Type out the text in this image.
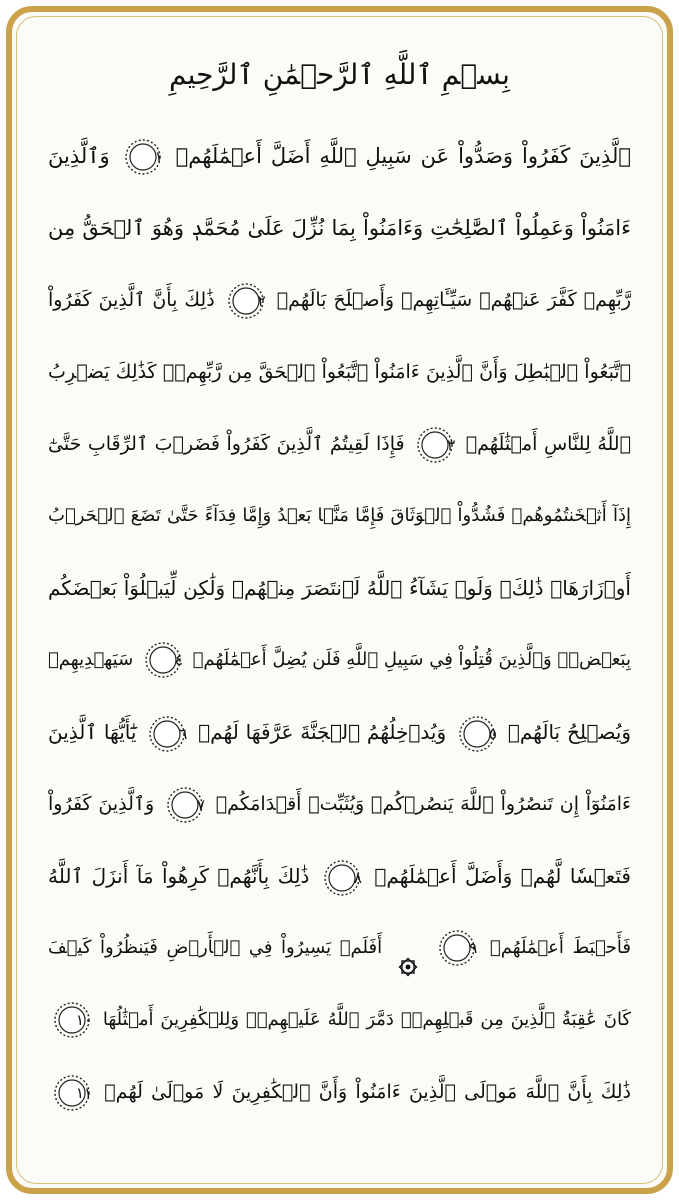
بِسۡمِ ٱللَّهِ ٱلرَّحۡمَٰنِ ٱلرَّحِيمِ
ٱلَّذِينَ كَفَرُواْ وَصَدُّواْ عَن سَبِيلِ ٱللَّهِ أَضَلَّ أَعۡمَٰلَهُمۡ
١
وَٱلَّذِينَ
ءَامَنُواْ وَعَمِلُواْ ٱلصَّٰلِحَٰتِ وَءَامَنُواْ بِمَا نُزِّلَ عَلَىٰ مُحَمَّدٖ وَهُوَ ٱلۡحَقُّ مِن
رَّبِّهِمۡ كَفَّرَ عَنۡهُمۡ سَيِّـَٔاتِهِمۡ وَأَصۡلَحَ بَالَهُمۡ
٢
ذَٰلِكَ بِأَنَّ ٱلَّذِينَ كَفَرُواْ
ٱتَّبَعُواْ ٱلۡبَٰطِلَ وَأَنَّ ٱلَّذِينَ ءَامَنُواْ ٱتَّبَعُواْ ٱلۡحَقَّ مِن رَّبِّهِمۡۚ كَذَٰلِكَ يَضۡرِبُ
ٱللَّهُ لِلنَّاسِ أَمۡثَٰلَهُمۡ
٣
فَإِذَا لَقِيتُمُ ٱلَّذِينَ كَفَرُواْ فَضَرۡبَ ٱلرِّقَابِ حَتَّىٰٓ
إِذَآ أَثۡخَنتُمُوهُمۡ فَشُدُّواْ ٱلۡوَثَاقَ فَإِمَّا مَنَّۢا بَعۡدُ وَإِمَّا فِدَآءً حَتَّىٰ تَضَعَ ٱلۡحَرۡبُ
أَوۡزَارَهَاۚ ذَٰلِكَۖ وَلَوۡ يَشَآءُ ٱللَّهُ لَٱنتَصَرَ مِنۡهُمۡ وَلَٰكِن لِّيَبۡلُوَاْ بَعۡضَكُم
بِبَعۡضٖۗ وَٱلَّذِينَ قُتِلُواْ فِي سَبِيلِ ٱللَّهِ فَلَن يُضِلَّ أَعۡمَٰلَهُمۡ
٤
سَيَهۡدِيهِمۡ
وَيُصۡلِحُ بَالَهُمۡ
٥
وَيُدۡخِلُهُمُ ٱلۡجَنَّةَ عَرَّفَهَا لَهُمۡ
٦
يَٰٓأَيُّهَا ٱلَّذِينَ
ءَامَنُوٓاْ إِن تَنصُرُواْ ٱللَّهَ يَنصُرۡكُمۡ وَيُثَبِّتۡ أَقۡدَامَكُمۡ
٧
وَٱلَّذِينَ كَفَرُواْ
فَتَعۡسٗا لَّهُمۡ وَأَضَلَّ أَعۡمَٰلَهُمۡ
٨
ذَٰلِكَ بِأَنَّهُمۡ كَرِهُواْ مَآ أَنزَلَ ٱللَّهُ
فَأَحۡبَطَ أَعۡمَٰلَهُمۡ
٩
أَفَلَمۡ يَسِيرُواْ فِي ٱلۡأَرۡضِ فَيَنظُرُواْ كَيۡفَ
كَانَ عَٰقِبَةُ ٱلَّذِينَ مِن قَبۡلِهِمۡۖ دَمَّرَ ٱللَّهُ عَلَيۡهِمۡۖ وَلِلۡكَٰفِرِينَ أَمۡثَٰلُهَا
١٠
ذَٰلِكَ بِأَنَّ ٱللَّهَ مَوۡلَى ٱلَّذِينَ ءَامَنُواْ وَأَنَّ ٱلۡكَٰفِرِينَ لَا مَوۡلَىٰ لَهُمۡ
١١
